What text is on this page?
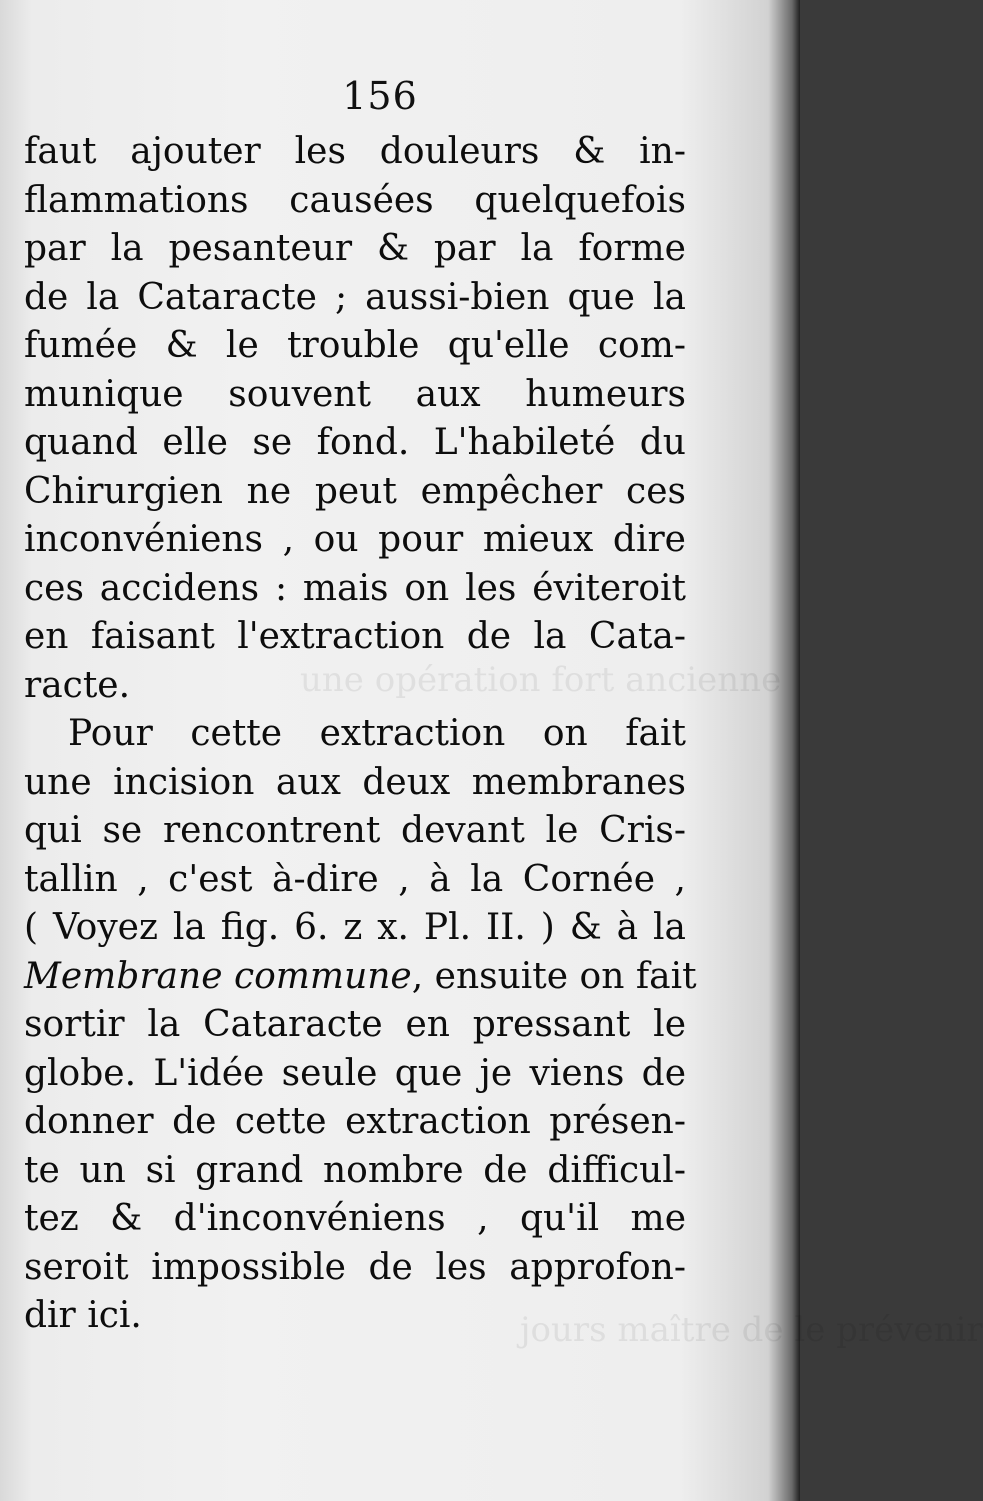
une opération fort ancienne
jours maître de le prévenir
156
faut ajouter les douleurs & in-
flammations causées quelquefois
par la pesanteur & par la forme
de la Cataracte ; aussi-bien que la
fumée & le trouble qu'elle com-
munique souvent aux humeurs
quand elle se fond. L'habileté du
Chirurgien ne peut empêcher ces
inconvéniens , ou pour mieux dire
ces accidens : mais on les éviteroit
en faisant l'extraction de la Cata-
racte.
Pour cette extraction on fait
une incision aux deux membranes
qui se rencontrent devant le Cris-
tallin , c'est à-dire , à la Cornée ,
( Voyez la fig. 6. z x. Pl. II. ) & à la
Membrane commune, ensuite on fait
sortir la Cataracte en pressant le
globe. L'idée seule que je viens de
donner de cette extraction présen-
te un si grand nombre de difficul-
tez & d'inconvéniens , qu'il me
seroit impossible de les approfon-
dir ici.
